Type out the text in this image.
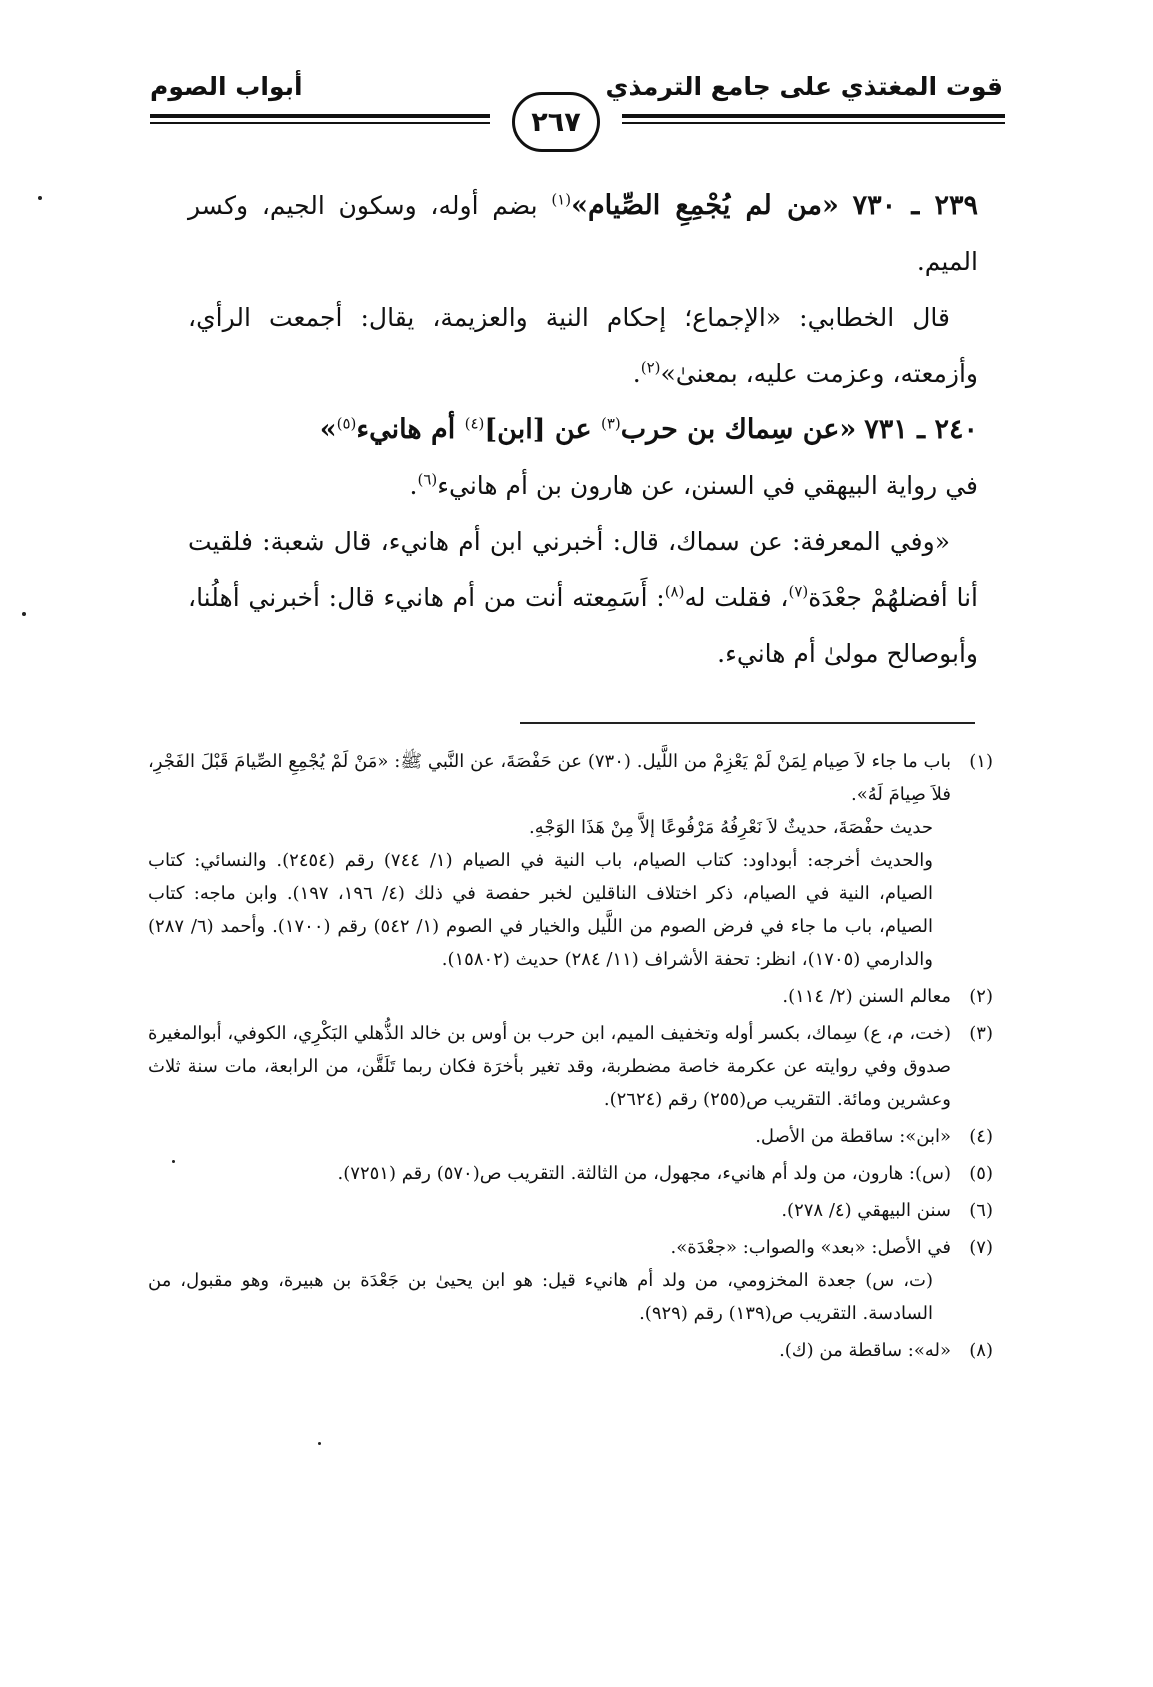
قوت المغتذي على جامع الترمذي
أبواب الصوم
٢٦٧

٢٣٩ ـ ٧٣٠ «من لم يُجْمِعِ الصِّيام»$^{(١)}$ بضم أوله، وسكون الجيم، وكسر الميم.

قال الخطابي: «الإجماع؛ إحكام النية والعزيمة، يقال: أجمعت الرأي، وأزمعته، وعزمت عليه، بمعنىٰ»$^{(٢)}$.

٢٤٠ ـ ٧٣١ «عن سِماك بن حرب$^{(٣)}$ عن [ابن]$^{(٤)}$ أم هانيء$^{(٥)}$»

في رواية البيهقي في السنن، عن هارون بن أم هانيء$^{(٦)}$.

«وفي المعرفة: عن سماك، قال: أخبرني ابن أم هانيء، قال شعبة: فلقيت أنا أفضلهُمْ جعْدَة$^{(٧)}$، فقلت له$^{(٨)}$: أَسَمِعته أنت من أم هانيء قال: أخبرني أهلُنا، وأبوصالح مولىٰ أم هانيء.

(١)

باب ما جاء لاَ صِيام لِمَنْ لَمْ يَعْزِمْ من اللَّيل. (٧٣٠) عن حَفْصَةَ، عن النَّبي ﷺ: «مَنْ لَمْ يُجْمِعِ الصِّيامَ قَبْلَ الفَجْرِ، فلاَ صِيامَ لَهُ».

حديث حفْصَةَ، حديثٌ لاَ نَعْرِفُهُ مَرْفُوعًا إلاَّ مِنْ هَذَا الوَجْهِ.

والحديث أخرجه: أبوداود: كتاب الصيام، باب النية في الصيام (١/ ٧٤٤) رقم (٢٤٥٤). والنسائي: كتاب الصيام، النية في الصيام، ذكر اختلاف الناقلين لخبر حفصة في ذلك (٤/ ١٩٦، ١٩٧). وابن ماجه: كتاب الصيام، باب ما جاء في فرض الصوم من اللَّيل والخيار في الصوم (١/ ٥٤٢) رقم (١٧٠٠). وأحمد (٦/ ٢٨٧) والدارمي (١٧٠٥)، انظر: تحفة الأشراف (١١/ ٢٨٤) حديث (١٥٨٠٢).

(٢)

معالم السنن (٢/ ١١٤).

(٣)

(خت، م، ع) سِماك، بكسر أوله وتخفيف الميم، ابن حرب بن أوس بن خالد الذُّهلي البَكْرِي، الكوفي، أبوالمغيرة صدوق وفي روايته عن عكرمة خاصة مضطربة، وقد تغير بأخرَة فكان ربما تَلَقَّن، من الرابعة، مات سنة ثلاث وعشرين ومائة. التقريب ص(٢٥٥) رقم (٢٦٢٤).

(٤)

«ابن»: ساقطة من الأصل.

(٥)

(س): هارون، من ولد أم هانيء، مجهول، من الثالثة. التقريب ص(٥٧٠) رقم (٧٢٥١).

(٦)

سنن البيهقي (٤/ ٢٧٨).

(٧)

في الأصل: «بعد» والصواب: «جعْدَة».

(ت، س) جعدة المخزومي، من ولد أم هانيء قيل: هو ابن يحيىٰ بن جَعْدَة بن هبيرة، وهو مقبول، من السادسة. التقريب ص(١٣٩) رقم (٩٢٩).

(٨)

«له»: ساقطة من (ك).
